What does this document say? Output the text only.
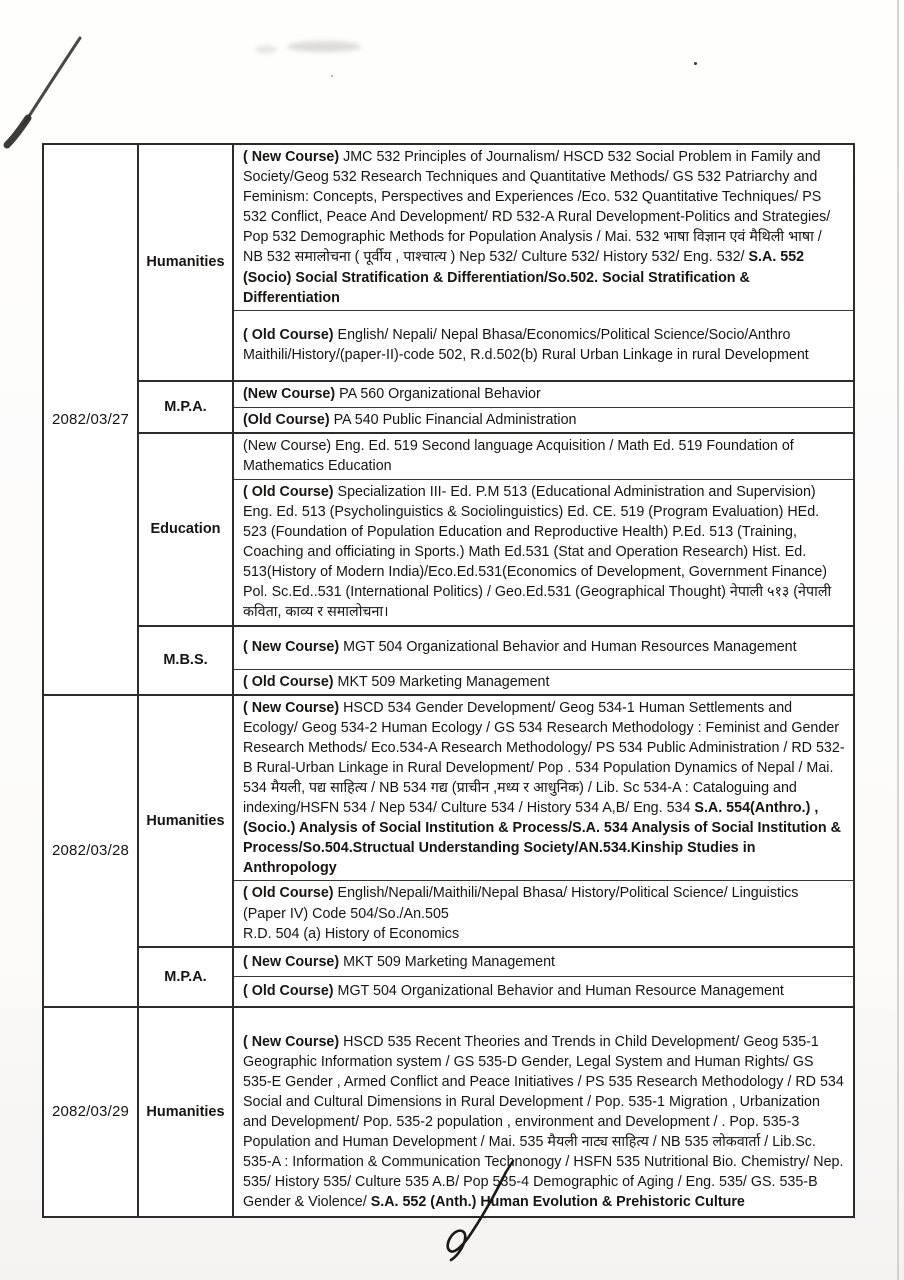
2082/03/27
Humanities
( New Course) JMC 532 Principles of Journalism/ HSCD 532 Social Problem in Family and Society/Geog 532 Research Techniques and Quantitative Methods/ GS 532 Patriarchy and Feminism: Concepts, Perspectives and Experiences /Eco. 532 Quantitative Techniques/ PS 532 Conflict, Peace And Development/ RD 532-A Rural Development-Politics and Strategies/ Pop 532 Demographic Methods for Population Analysis / Mai. 532 भाषा विज्ञान एवं मैथिली भाषा / NB 532 समालोचना ( पूर्वीय , पाश्चात्य ) Nep 532/ Culture 532/ History 532/ Eng. 532/ S.A. 552 (Socio) Social Stratification & Differentiation/So.502. Social Stratification & Differentiation
( Old Course) English/ Nepali/ Nepal Bhasa/Economics/Political Science/Socio/Anthro Maithili/History/(paper-II)-code 502, R.d.502(b) Rural Urban Linkage in rural Development
M.P.A.
(New Course) PA 560 Organizational Behavior
(Old Course) PA 540 Public Financial Administration
Education
(New Course) Eng. Ed. 519 Second language Acquisition / Math Ed. 519 Foundation of Mathematics Education
( Old Course) Specialization III- Ed. P.M 513 (Educational Administration and Supervision) Eng. Ed. 513 (Psycholinguistics & Sociolinguistics) Ed. CE. 519 (Program Evaluation) HEd. 523 (Foundation of Population Education and Reproductive Health) P.Ed. 513 (Training, Coaching and officiating in Sports.) Math Ed.531 (Stat and Operation Research) Hist. Ed. 513(History of Modern India)/Eco.Ed.531(Economics of Development, Government Finance) Pol. Sc.Ed..531 (International Politics) / Geo.Ed.531 (Geographical Thought) नेपाली ५१३ (नेपाली कविता, काव्य र समालोचना।
M.B.S.
( New Course) MGT 504 Organizational Behavior and Human Resources Management
( Old Course) MKT 509 Marketing Management
2082/03/28
Humanities
( New Course) HSCD 534 Gender Development/ Geog 534-1 Human Settlements and Ecology/ Geog 534-2 Human Ecology / GS 534 Research Methodology : Feminist and Gender Research Methods/ Eco.534-A Research Methodology/ PS 534 Public Administration / RD 532-B Rural-Urban Linkage in Rural Development/ Pop . 534 Population Dynamics of Nepal / Mai. 534 मैयली, पद्य साहित्य / NB 534 गद्य (प्राचीन ,मध्य र आधुनिक) / Lib. Sc 534-A : Cataloguing and indexing/HSFN 534 / Nep 534/ Culture 534 / History 534 A,B/ Eng. 534 S.A. 554(Anthro.) ,(Socio.) Analysis of Social Institution & Process/S.A. 534 Analysis of Social Institution & Process/So.504.Structual Understanding Society/AN.534.Kinship Studies in Anthropology
( Old Course) English/Nepali/Maithili/Nepal Bhasa/ History/Political Science/ Linguistics (Paper IV) Code 504/So./An.505
R.D. 504 (a) History of Economics
M.P.A.
( New Course) MKT 509 Marketing Management
( Old Course) MGT 504 Organizational Behavior and Human Resource Management
2082/03/29	Humanities
( New Course) HSCD 535 Recent Theories and Trends in Child Development/ Geog 535-1 Geographic Information system / GS 535-D Gender, Legal System and Human Rights/ GS 535-E Gender , Armed Conflict and Peace Initiatives / PS 535 Research Methodology / RD 534 Social and Cultural Dimensions in Rural Development / Pop. 535-1 Migration , Urbanization and Development/ Pop. 535-2 population , environment and Development / . Pop. 535-3 Population and Human Development / Mai. 535 मैयली नाट्य साहित्य / NB 535 लोकवार्ता / Lib.Sc. 535-A : Information & Communication Technonogy / HSFN 535 Nutritional Bio. Chemistry/ Nep. 535/ History 535/ Culture 535 A.B/ Pop 535-4 Demographic of Aging / Eng. 535/ GS. 535-B Gender & Violence/ S.A. 552 (Anth.) Human Evolution & Prehistoric Culture
